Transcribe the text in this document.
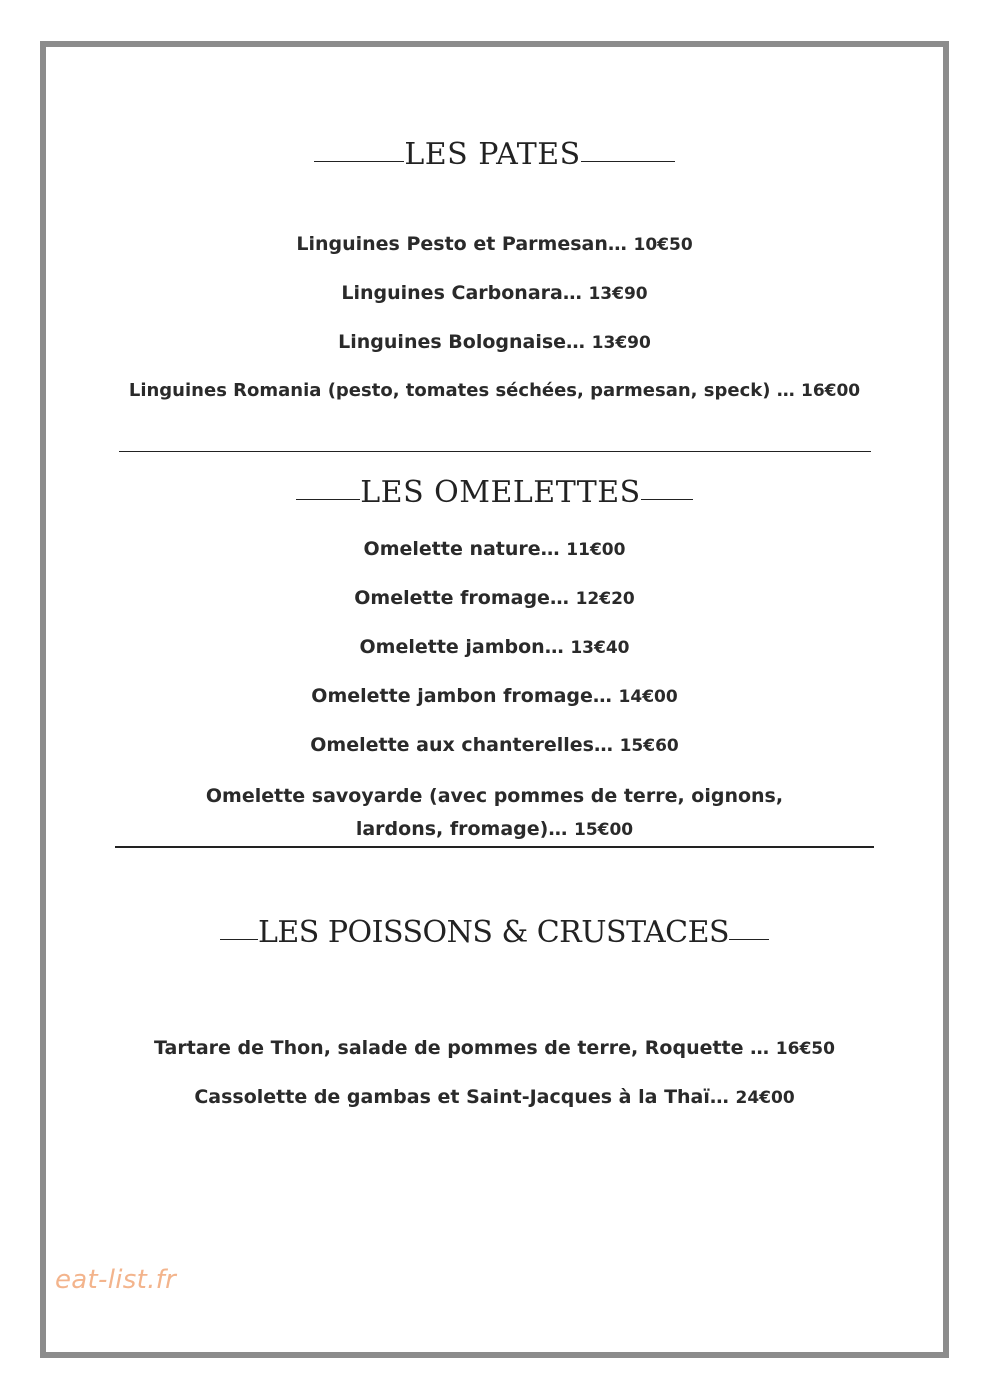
LES PATES
Linguines Pesto et Parmesan… 10€50
Linguines Carbonara… 13€90
Linguines Bolognaise… 13€90
Linguines Romania (pesto, tomates séchées, parmesan, speck) … 16€00
LES OMELETTES
Omelette nature… 11€00
Omelette fromage… 12€20
Omelette jambon… 13€40
Omelette jambon fromage… 14€00
Omelette aux chanterelles… 15€60
Omelette savoyarde (avec pommes de terre, oignons, lardons, fromage)… 15€00
LES POISSONS & CRUSTACES
Tartare de Thon, salade de pommes de terre, Roquette … 16€50
Cassolette de gambas et Saint-Jacques à la Thaï… 24€00
eat-list.fr
